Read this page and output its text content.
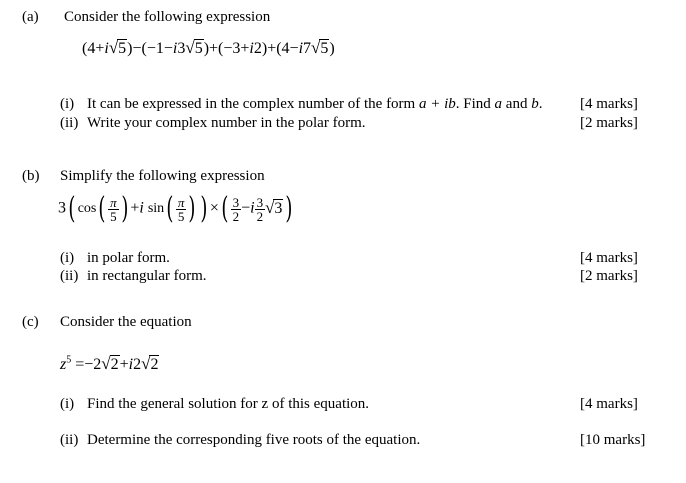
(a) Consider the following expression
(4+i√5)−(−1−i3√5)+(−3+i2)+(4−i7√5)
(i) It can be expressed in the complex number of the form a + ib. Find a and b.	[4 marks]
(ii) Write your complex number in the polar form.	[2 marks]
(b) Simplify the following expression
3( $\cos( \frac{\pi}{5}$ ) +i $\sin( \frac{\pi}{5}$ ) ) ×( $\frac{3}{2} -i \frac{3}{2} √3$ )
(i) in polar form.	[4 marks]
(ii) in rectangular form.	[2 marks]
(c) Consider the equation
$z^5 =-2√2+i2√2$
(i) Find the general solution for z of this equation.	[4 marks]
(ii) Determine the corresponding five roots of the equation.	[10 marks]
